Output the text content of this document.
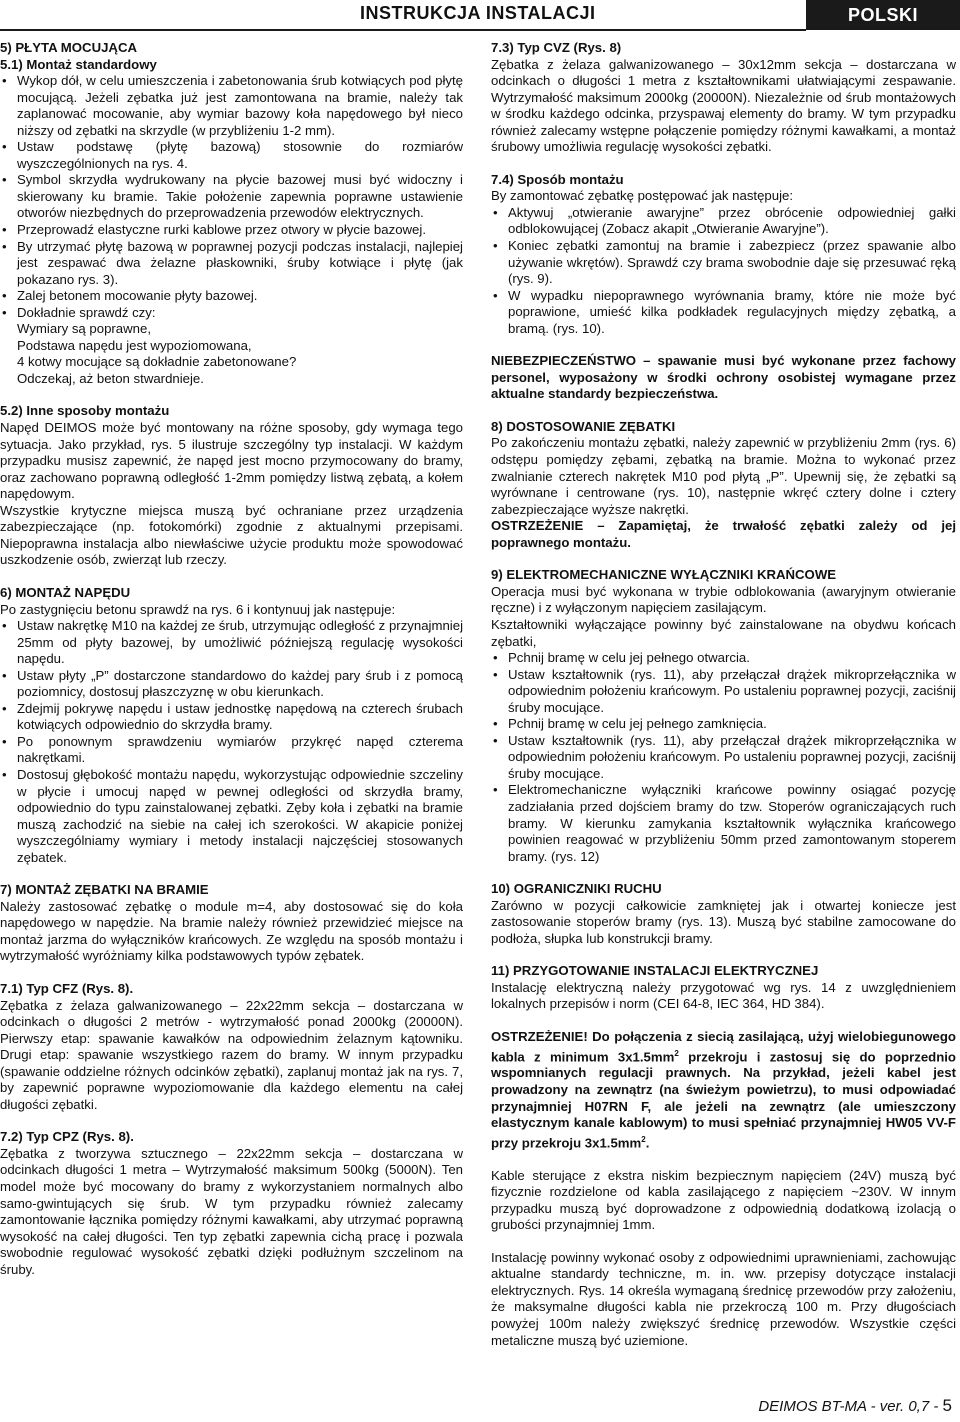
INSTRUKCJA INSTALACJI	POLSKI
5) PŁYTA MOCUJĄCA
5.1) Montaż standardowy
• Wykop dół, w celu umieszczenia i zabetonowania śrub kotwiących pod płytę mocującą. Jeżeli zębatka już jest zamontowana na bramie, należy tak zaplanować mocowanie, aby wymiar bazowy koła napędowego był nieco niższy od zębatki na skrzydle (w przybliżeniu 1-2 mm).
• Ustaw podstawę (płytę bazową) stosownie do rozmiarów wyszczególnionych na rys. 4.
• Symbol skrzydła wydrukowany na płycie bazowej musi być widoczny i skierowany ku bramie. Takie położenie zapewnia poprawne ustawienie otworów niezbędnych do przeprowadzenia przewodów elektrycznych.
• Przeprowadź elastyczne rurki kablowe przez otwory w płycie bazowej.
• By utrzymać płytę bazową w poprawnej pozycji podczas instalacji, najlepiej jest zespawać dwa żelazne płaskowniki, śruby kotwiące i płytę (jak pokazano rys. 3).
• Zalej betonem mocowanie płyty bazowej.
• Dokładnie sprawdź czy:
Wymiary są poprawne,
Podstawa napędu jest wypoziomowana,
4 kotwy mocujące są dokładnie zabetonowane?
Odczekaj, aż beton stwardnieje.
5.2) Inne sposoby montażu

Napęd DEIMOS może być montowany na różne sposoby, gdy wymaga tego sytuacja. Jako przykład, rys. 5 ilustruje szczególny typ instalacji. W każdym przypadku musisz zapewnić, że napęd jest mocno przymocowany do bramy, oraz zachowano poprawną odległość 1-2mm pomiędzy listwą zębatą, a kołem napędowym.

Wszystkie krytyczne miejsca muszą być ochraniane przez urządzenia zabezpieczające (np. fotokomórki) zgodnie z aktualnymi przepisami. Niepoprawna instalacja albo niewłaściwe użycie produktu może spowodować uszkodzenie osób, zwierząt lub rzeczy.

6) MONTAŻ NAPĘDU

Po zastygnięciu betonu sprawdź na rys. 6 i kontynuuj jak następuje:

• Ustaw nakrętkę M10 na każdej ze śrub, utrzymując odległość z przynajmniej 25mm od płyty bazowej, by umożliwić późniejszą regulację wysokości napędu.
• Ustaw płyty „P” dostarczone standardowo do każdej pary śrub i z pomocą poziomnicy, dostosuj płaszczyznę w obu kierunkach.
• Zdejmij pokrywę napędu i ustaw jednostkę napędową na czterech śrubach kotwiących odpowiednio do skrzydła bramy.
• Po ponownym sprawdzeniu wymiarów przykręć napęd czterema nakrętkami.
• Dostosuj głębokość montażu napędu, wykorzystując odpowiednie szczeliny w płycie i umocuj napęd w pewnej odległości od skrzydła bramy, odpowiednio do typu zainstalowanej zębatki. Zęby koła i zębatki na bramie muszą zachodzić na siebie na całej ich szerokości. W akapicie poniżej wyszczególniamy wymiary i metody instalacji najczęściej stosowanych zębatek.
7) MONTAŻ ZĘBATKI NA BRAMIE

Należy zastosować zębatkę o module m=4, aby dostosować się do koła napędowego w napędzie. Na bramie należy również przewidzieć miejsce na montaż jarzma do wyłączników krańcowych. Ze względu na sposób montażu i wytrzymałość wyróżniamy kilka podstawowych typów zębatek.

7.1) Typ CFZ (Rys. 8).

Zębatka z żelaza galwanizowanego – 22x22mm sekcja – dostarczana w odcinkach o długości 2 metrów - wytrzymałość ponad 2000kg (20000N). Pierwszy etap: spawanie kawałków na odpowiednim żelaznym kątowniku. Drugi etap: spawanie wszystkiego razem do bramy. W innym przypadku (spawanie oddzielne różnych odcinków zębatki), zaplanuj montaż jak na rys. 7, by zapewnić poprawne wypoziomowanie dla każdego elementu na całej długości zębatki.

7.2) Typ CPZ (Rys. 8).

Zębatka z tworzywa sztucznego – 22x22mm sekcja – dostarczana w odcinkach długości 1 metra – Wytrzymałość maksimum 500kg (5000N). Ten model może być mocowany do bramy z wykorzystaniem normalnych albo samo-gwintujących się śrub. W tym przypadku również zalecamy zamontowanie łącznika pomiędzy różnymi kawałkami, aby utrzymać poprawną wysokość na całej długości. Ten typ zębatki zapewnia cichą pracę i pozwala swobodnie regulować wysokość zębatki dzięki podłużnym szczelinom na śruby.

7.3) Typ CVZ (Rys. 8)

Zębatka z żelaza galwanizowanego – 30x12mm sekcja – dostarczana w odcinkach o długości 1 metra z kształtownikami ułatwiającymi zespawanie. Wytrzymałość maksimum 2000kg (20000N). Niezależnie od śrub montażowych w środku każdego odcinka, przyspawaj elementy do bramy. W tym przypadku również zalecamy wstępne połączenie pomiędzy różnymi kawałkami, a montaż śrubowy umożliwia regulację wysokości zębatki.

7.4) Sposób montażu

By zamontować zębatkę postępować jak następuje:

• Aktywuj „otwieranie awaryjne” przez obrócenie odpowiedniej gałki odblokowującej (Zobacz akapit „Otwieranie Awaryjne”).
• Koniec zębatki zamontuj na bramie i zabezpiecz (przez spawanie albo używanie wkrętów). Sprawdź czy brama swobodnie daje się przesuwać ręką (rys. 9).
• W wypadku niepoprawnego wyrównania bramy, które nie może być poprawione, umieść kilka podkładek regulacyjnych między zębatką, a bramą. (rys. 10).

NIEBEZPIECZEŃSTWO – spawanie musi być wykonane przez fachowy personel, wyposażony w środki ochrony osobistej wymagane przez aktualne standardy bezpieczeństwa.

8) DOSTOSOWANIE ZĘBATKI

Po zakończeniu montażu zębatki, należy zapewnić w przybliżeniu 2mm (rys. 6) odstępu pomiędzy zębami, zębatką na bramie. Można to wykonać przez zwalnianie czterech nakrętek M10 pod płytą „P”. Upewnij się, że zębatki są wyrównane i centrowane (rys. 10), następnie wkręć cztery dolne i cztery zabezpieczające wyższe nakrętki.

OSTRZEŻENIE – Zapamiętaj, że trwałość zębatki zależy od jej poprawnego montażu.

9) ELEKTROMECHANICZNE WYŁĄCZNIKI KRAŃCOWE

Operacja musi być wykonana w trybie odblokowania (awaryjnym otwieranie ręczne) i z wyłączonym napięciem zasilającym.

Kształtowniki wyłączające powinny być zainstalowane na obydwu końcach zębatki,

• Pchnij bramę w celu jej pełnego otwarcia.
• Ustaw kształtownik (rys. 11), aby przełączał drążek mikroprzełącznika w odpowiednim położeniu krańcowym. Po ustaleniu poprawnej pozycji, zaciśnij śruby mocujące.
• Pchnij bramę w celu jej pełnego zamknięcia.
• Ustaw kształtownik (rys. 11), aby przełączał drążek mikroprzełącznika w odpowiednim położeniu krańcowym. Po ustaleniu poprawnej pozycji, zaciśnij śruby mocujące.
• Elektromechaniczne wyłączniki krańcowe powinny osiągać pozycję zadziałania przed dojściem bramy do tzw. Stoperów ograniczających ruch bramy. W kierunku zamykania kształtownik wyłącznika krańcowego powinien reagować w przybliżeniu 50mm przed zamontowanym stoperem bramy. (rys. 12)
10) OGRANICZNIKI RUCHU

Zarówno w pozycji całkowicie zamkniętej jak i otwartej koniecze jest zastosowanie stoperów bramy (rys. 13). Muszą być stabilne zamocowane do podłoża, słupka lub konstrukcji bramy.

11) PRZYGOTOWANIE INSTALACJI ELEKTRYCZNEJ

Instalację elektryczną należy przygotować wg rys. 14 z uwzględnieniem lokalnych przepisów i norm (CEI 64-8, IEC 364, HD 384).

OSTRZEŻENIE! Do połączenia z siecią zasilającą, użyj wielobiegunowego kabla z minimum $3x1.5mm^2$ przekroju i zastosuj się do poprzednio wspomnianych regulacji prawnych. Na przykład, jeżeli kabel jest prowadzony na zewnątrz (na świeżym powietrzu), to musi odpowiadać przynajmniej H07RN F, ale jeżeli na zewnątrz (ale umieszczony elastycznym kanale kablowym) to musi spełniać przynajmniej HW05 VV-F przy przekroju $3x1.5mm^2$.

Kable sterujące z ekstra niskim bezpiecznym napięciem (24V) muszą być fizycznie rozdzielone od kabla zasilającego z napięciem ~230V. W innym przypadku muszą być doprowadzone z odpowiednią dodatkową izolacją o grubości przynajmniej 1mm.

Instalację powinny wykonać osoby z odpowiednimi uprawnieniami, zachowując aktualne standardy techniczne, m. in. ww. przepisy dotyczące instalacji elektrycznych. Rys. 14 określa wymaganą średnicę przewodów przy założeniu, że maksymalne długości kabla nie przekroczą 100 m. Przy długościach powyżej 100m należy zwiększyć średnicę przewodów. Wszystkie części metaliczne muszą być uziemione.

DEIMOS BT-MA - ver. 0,7 - 5
